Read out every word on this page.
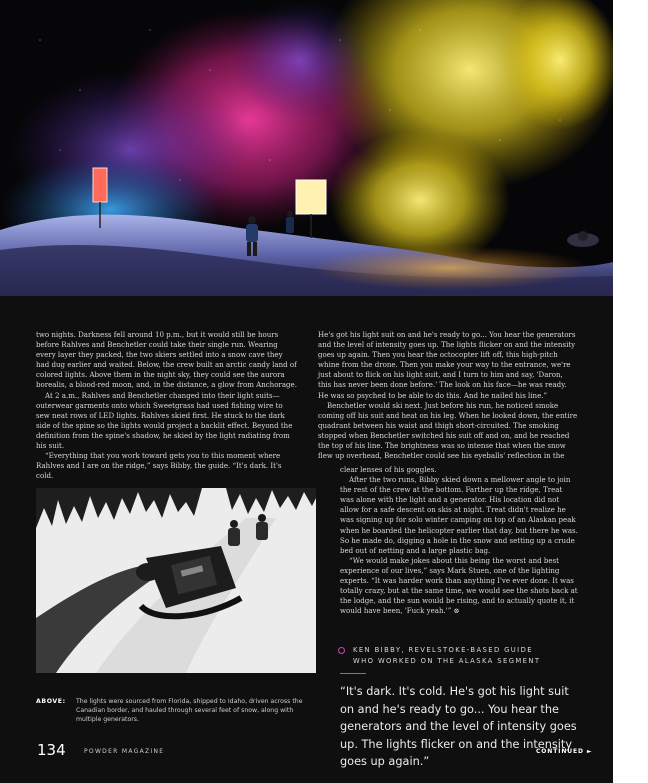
two nights. Darkness fell around 10 p.m., but it would still be hours before Rahlves and Benchetler could take their single run. Wearing every layer they packed, the two skiers settled into a snow cave they had dug earlier and waited. Below, the crew built an arctic candy land of colored lights. Above them in the night sky, they could see the aurora borealis, a blood-red moon, and, in the distance, a glow from Anchorage.

At 2 a.m., Rahlves and Benchetler changed into their light suits—outerwear garments onto which Sweetgrass had used fishing wire to sew neat rows of LED lights. Rahlves skied first. He stuck to the dark side of the spine so the lights would project a backlit effect. Beyond the definition from the spine's shadow, he skied by the light radiating from his suit.

“Everything that you work toward gets you to this moment where Rahlves and I are on the ridge,” says Bibby, the guide. “It's dark. It's cold.

He's got his light suit on and he's ready to go... You hear the generators and the level of intensity goes up. The lights flicker on and the intensity goes up again. Then you hear the octocopter lift off, this high-pitch whine from the drone. Then you make your way to the entrance, we're just about to flick on his light suit, and I turn to him and say, 'Daron, this has never been done before.' The look on his face—he was ready. He was so psyched to be able to do this. And he nailed his line.”

Benchetler would ski next. Just before his run, he noticed smoke coming off his suit and heat on his leg. When he looked down, the entire quadrant between his waist and thigh short-circuited. The smoking stopped when Benchetler switched his suit off and on, and he reached the top of his line. The brightness was so intense that when the snow flew up overhead, Benchetler could see his eyeballs' reflection in the

clear lenses of his goggles.

After the two runs, Bibby skied down a mellower angle to join the rest of the crew at the bottom. Farther up the ridge, Treat was alone with the light and a generator. His location did not allow for a safe descent on skis at night. Treat didn't realize he was signing up for solo winter camping on top of an Alaskan peak when he boarded the helicopter earlier that day, but there he was. So he made do, digging a hole in the snow and setting up a crude bed out of netting and a large plastic bag.

“We would make jokes about this being the worst and best experience of our lives,” says Mark Stuen, one of the lighting experts. “It was harder work than anything I've ever done. It was totally crazy, but at the same time, we would see the shots back at the lodge, and the sun would be rising, and to actually quote it, it would have been, 'Fuck yeah.'” ⊗

ABOVE: The lights were sourced from Florida, shipped to Idaho, driven across the Canadian border, and hauled through several feet of snow, along with multiple generators.
KEN BIBBY, REVELSTOKE-BASED GUIDE
WHO WORKED ON THE ALASKA SEGMENT
“It's dark. It's cold. He's got his light suit on and he's ready to go... You hear the generators and the level of intensity goes up. The lights flicker on and the intensity goes up again.”
134	POWDER MAGAZINE	CONTINUED ►
